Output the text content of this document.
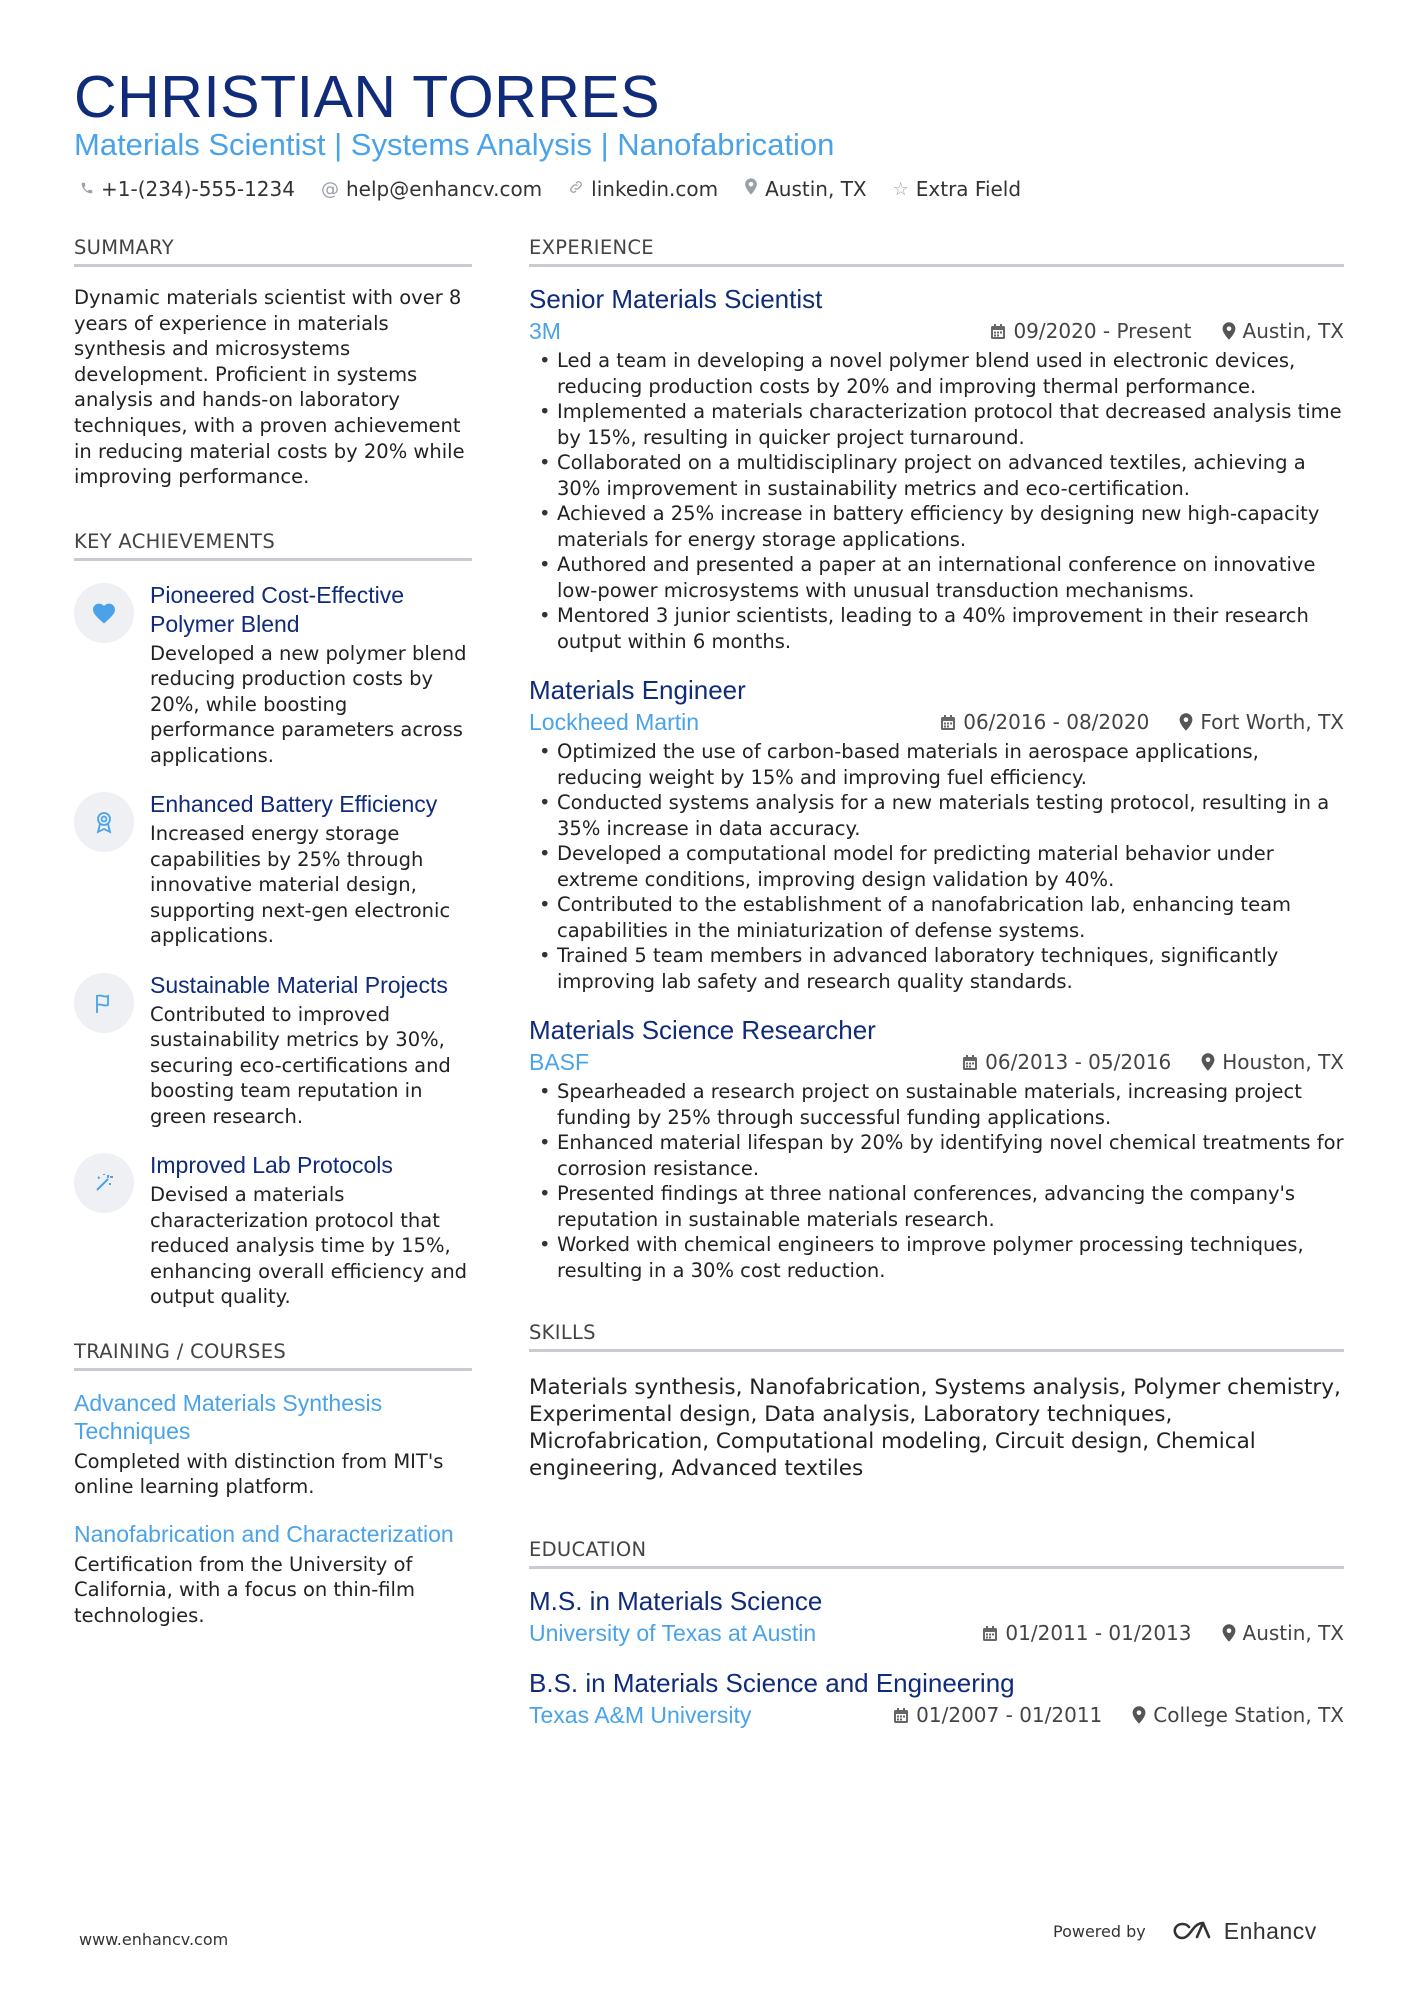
CHRISTIAN TORRES
Materials Scientist | Systems Analysis | Nanofabrication
+1-(234)-555-1234 @ help@enhancv.com linkedin.com Austin, TX ☆ Extra Field
SUMMARY
Dynamic materials scientist with over 8 years of experience in materials synthesis and microsystems development. Proficient in systems analysis and hands-on laboratory techniques, with a proven achievement in reducing material costs by 20% while improving performance.
KEY ACHIEVEMENTS
Pioneered Cost-Effective Polymer Blend
Developed a new polymer blend reducing production costs by 20%, while boosting performance parameters across applications.
Enhanced Battery Efficiency
Increased energy storage capabilities by 25% through innovative material design, supporting next-gen electronic applications.
Sustainable Material Projects
Contributed to improved sustainability metrics by 30%, securing eco-certifications and boosting team reputation in green research.
Improved Lab Protocols
Devised a materials characterization protocol that reduced analysis time by 15%, enhancing overall efficiency and output quality.
TRAINING / COURSES
Advanced Materials Synthesis Techniques
Completed with distinction from MIT's online learning platform.
Nanofabrication and Characterization
Certification from the University of California, with a focus on thin-film technologies.
EXPERIENCE
Senior Materials Scientist
3M	09/2020 - Present	Austin, TX
• Led a team in developing a novel polymer blend used in electronic devices, reducing production costs by 20% and improving thermal performance.
• Implemented a materials characterization protocol that decreased analysis time by 15%, resulting in quicker project turnaround.
• Collaborated on a multidisciplinary project on advanced textiles, achieving a 30% improvement in sustainability metrics and eco-certification.
• Achieved a 25% increase in battery efficiency by designing new high-capacity materials for energy storage applications.
• Authored and presented a paper at an international conference on innovative low-power microsystems with unusual transduction mechanisms.
• Mentored 3 junior scientists, leading to a 40% improvement in their research output within 6 months.
Materials Engineer
Lockheed Martin	06/2016 - 08/2020	Fort Worth, TX
• Optimized the use of carbon-based materials in aerospace applications, reducing weight by 15% and improving fuel efficiency.
• Conducted systems analysis for a new materials testing protocol, resulting in a 35% increase in data accuracy.
• Developed a computational model for predicting material behavior under extreme conditions, improving design validation by 40%.
• Contributed to the establishment of a nanofabrication lab, enhancing team capabilities in the miniaturization of defense systems.
• Trained 5 team members in advanced laboratory techniques, significantly improving lab safety and research quality standards.
Materials Science Researcher
BASF	06/2013 - 05/2016	Houston, TX
• Spearheaded a research project on sustainable materials, increasing project funding by 25% through successful funding applications.
• Enhanced material lifespan by 20% by identifying novel chemical treatments for corrosion resistance.
• Presented findings at three national conferences, advancing the company's reputation in sustainable materials research.
• Worked with chemical engineers to improve polymer processing techniques, resulting in a 30% cost reduction.
SKILLS
Materials synthesis, Nanofabrication, Systems analysis, Polymer chemistry, Experimental design, Data analysis, Laboratory techniques, Microfabrication, Computational modeling, Circuit design, Chemical engineering, Advanced textiles
EDUCATION
M.S. in Materials Science
University of Texas at Austin	01/2011 - 01/2013	Austin, TX
B.S. in Materials Science and Engineering
Texas A&M University	01/2007 - 01/2011	College Station, TX
www.enhancv.com	Powered by	Enhancv
